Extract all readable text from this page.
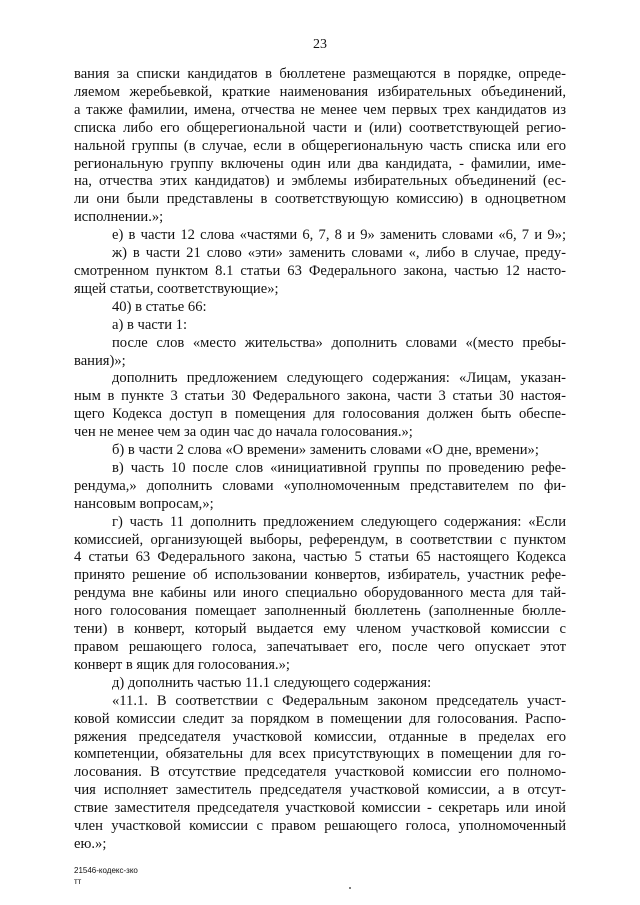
23
вания за списки кандидатов в бюллетене размещаются в порядке, опреде-
ляемом жеребьевкой, краткие наименования избирательных объединений,
а также фамилии, имена, отчества не менее чем первых трех кандидатов из
списка либо его общерегиональной части и (или) соответствующей регио-
нальной группы (в случае, если в общерегиональную часть списка или его
региональную группу включены один или два кандидата, - фамилии, име-
на, отчества этих кандидатов) и эмблемы избирательных объединений (ес-
ли они были представлены в соответствующую комиссию) в одноцветном
исполнении.»;
е) в части 12 слова «частями 6, 7, 8 и 9» заменить словами «6, 7 и 9»;
ж) в части 21 слово «эти» заменить словами «, либо в случае, преду-
смотренном пунктом 8.1 статьи 63 Федерального закона, частью 12 насто-
ящей статьи, соответствующие»;
40) в статье 66:
а) в части 1:
после слов «место жительства» дополнить словами «(место пребы-
вания)»;
дополнить предложением следующего содержания: «Лицам, указан-
ным в пункте 3 статьи 30 Федерального закона, части 3 статьи 30 настоя-
щего Кодекса доступ в помещения для голосования должен быть обеспе-
чен не менее чем за один час до начала голосования.»;
б) в части 2 слова «О времени» заменить словами «О дне, времени»;
в) часть 10 после слов «инициативной группы по проведению рефе-
рендума,» дополнить словами «уполномоченным представителем по фи-
нансовым вопросам,»;
г) часть 11 дополнить предложением следующего содержания: «Если
комиссией, организующей выборы, референдум, в соответствии с пунктом
4 статьи 63 Федерального закона, частью 5 статьи 65 настоящего Кодекса
принято решение об использовании конвертов, избиратель, участник рефе-
рендума вне кабины или иного специально оборудованного места для тай-
ного голосования помещает заполненный бюллетень (заполненные бюлле-
тени) в конверт, который выдается ему членом участковой комиссии с
правом решающего голоса, запечатывает его, после чего опускает этот
конверт в ящик для голосования.»;
д) дополнить частью 11.1 следующего содержания:
«11.1. В соответствии с Федеральным законом председатель участ-
ковой комиссии следит за порядком в помещении для голосования. Распо-
ряжения председателя участковой комиссии, отданные в пределах его
компетенции, обязательны для всех присутствующих в помещении для го-
лосования. В отсутствие председателя участковой комиссии его полномо-
чия исполняет заместитель председателя участковой комиссии, а в отсут-
ствие заместителя председателя участковой комиссии - секретарь или иной
член участковой комиссии с правом решающего голоса, уполномоченный
ею.»;
21546-кодекс-зко
тт
